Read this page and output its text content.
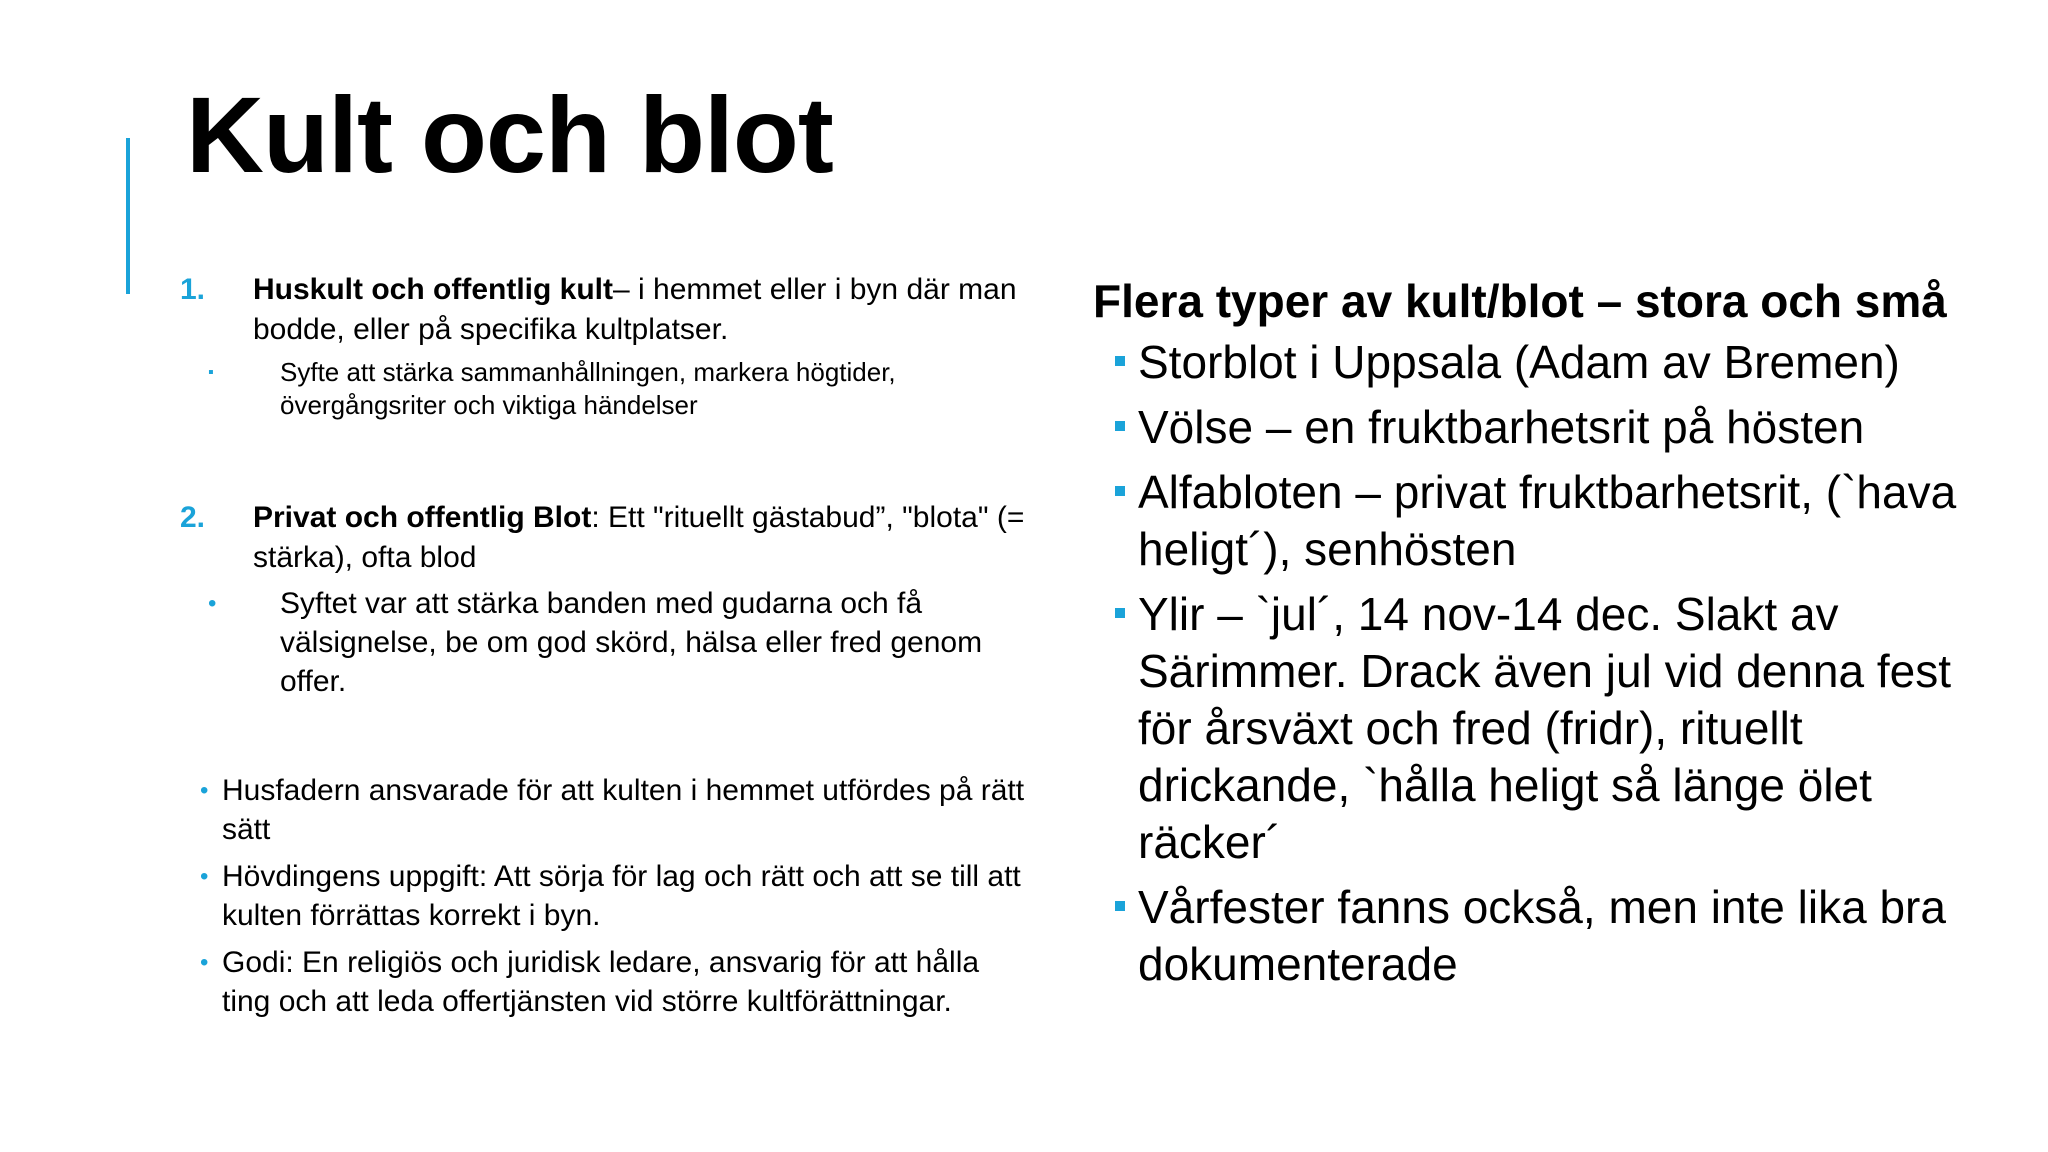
Kult och blot
1. Huskult och offentlig kult– i hemmet eller i byn där man bodde, eller på specifika kultplatser.
▪	Syfte att stärka sammanhållningen, markera högtider, övergångsriter och viktiga händelser
2. Privat och offentlig Blot: Ett "rituellt gästabud”, "blota" (= stärka), ofta blod
• Syftet var att stärka banden med gudarna och få välsignelse, be om god skörd, hälsa eller fred genom offer.
• Husfadern ansvarade för att kulten i hemmet utfördes på rätt sätt
• Hövdingens uppgift: Att sörja för lag och rätt och att se till att kulten förrättas korrekt i byn.
• Godi: En religiös och juridisk ledare, ansvarig för att hålla ting och att leda offertjänsten vid större kultförättningar.
Flera typer av kult/blot – stora och små
Storblot i Uppsala (Adam av Bremen)
Völse – en fruktbarhetsrit på hösten
Alfabloten – privat fruktbarhetsrit, (`hava heligt´), senhösten
Ylir – `jul´, 14 nov-14 dec. Slakt av Särimmer. Drack även jul vid denna fest för årsväxt och fred (fridr), rituellt drickande, `hålla heligt så länge ölet räcker´
Vårfester fanns också, men inte lika bra dokumenterade
